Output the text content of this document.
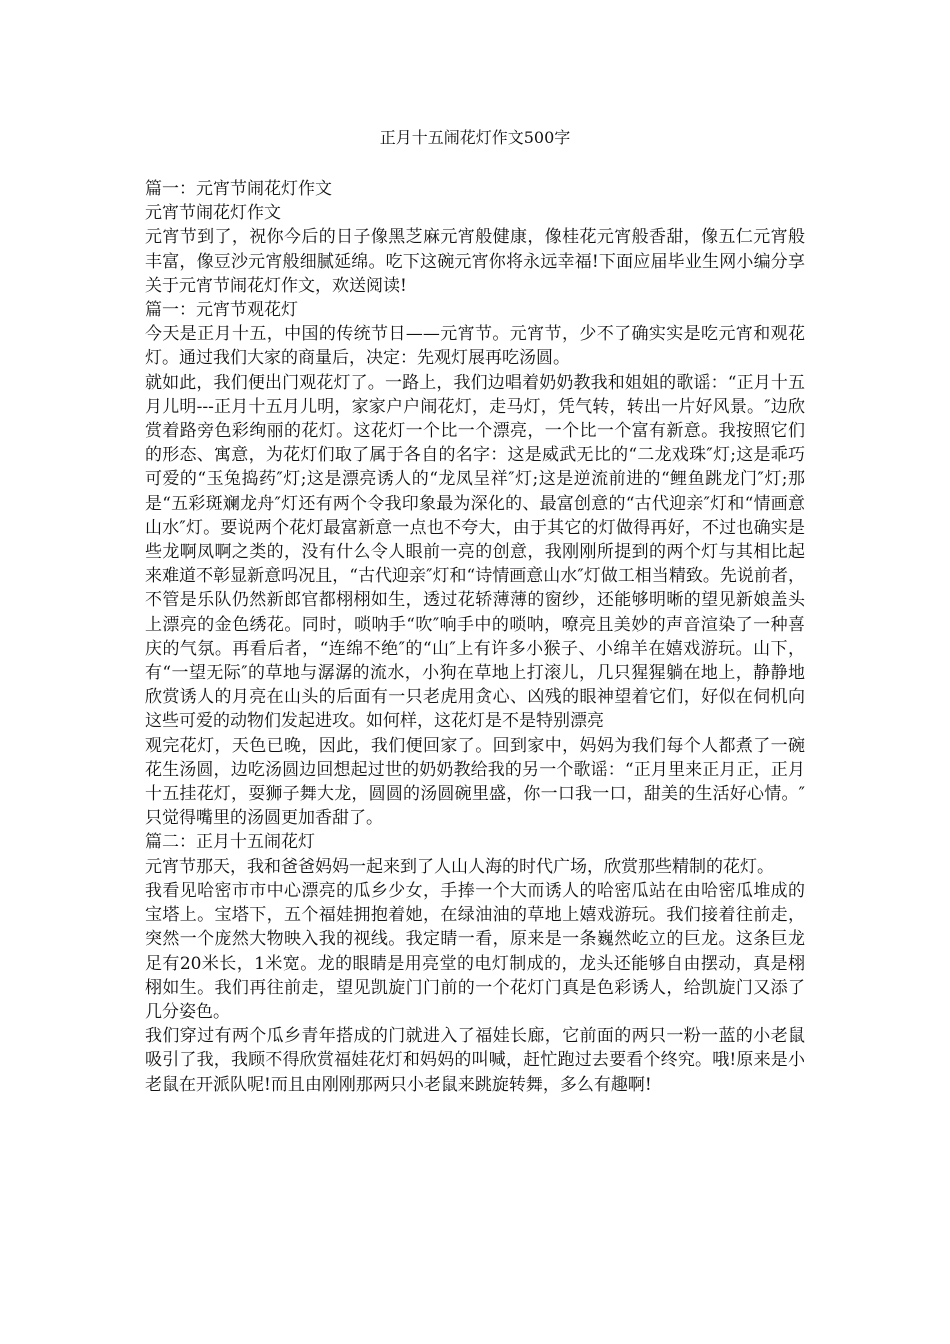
正月十五闹花灯作文500字

篇一：元宵节闹花灯作文

元宵节闹花灯作文

元宵节到了，祝你今后的日子像黑芝麻元宵般健康，像桂花元宵般香甜，像五仁元宵般丰富，像豆沙元宵般细腻延绵。吃下这碗元宵你将永远幸福!下面应届毕业生网小编分享关于元宵节闹花灯作文，欢送阅读!

篇一：元宵节观花灯

今天是正月十五，中国的传统节日——元宵节。元宵节，少不了确实实是吃元宵和观花灯。通过我们大家的商量后，决定：先观灯展再吃汤圆。

就如此，我们便出门观花灯了。一路上，我们边唱着奶奶教我和姐姐的歌谣：“正月十五月儿明---正月十五月儿明，家家户户闹花灯，走马灯，凭气转，转出一片好风景。″边欣赏着路旁色彩绚丽的花灯。这花灯一个比一个漂亮，一个比一个富有新意。我按照它们的形态、寓意，为花灯们取了属于各自的名字：这是威武无比的“二龙戏珠″灯;这是乖巧可爱的“玉兔捣药″灯;这是漂亮诱人的“龙凤呈祥″灯;这是逆流前进的“鲤鱼跳龙门″灯;那是“五彩斑斓龙舟″灯还有两个令我印象最为深化的、最富创意的“古代迎亲″灯和“情画意山水″灯。要说两个花灯最富新意一点也不夸大，由于其它的灯做得再好，不过也确实是些龙啊凤啊之类的，没有什么令人眼前一亮的创意，我刚刚所提到的两个灯与其相比起来难道不彰显新意吗况且，“古代迎亲″灯和“诗情画意山水″灯做工相当精致。先说前者，不管是乐队仍然新郎官都栩栩如生，透过花轿薄薄的窗纱，还能够明晰的望见新娘盖头上漂亮的金色绣花。同时，唢呐手“吹″响手中的唢呐，嘹亮且美妙的声音渲染了一种喜庆的气氛。再看后者，“连绵不绝″的“山″上有许多小猴子、小绵羊在嬉戏游玩。山下，有“一望无际″的草地与潺潺的流水，小狗在草地上打滚儿，几只猩猩躺在地上，静静地欣赏诱人的月亮在山头的后面有一只老虎用贪心、凶残的眼神望着它们，好似在伺机向这些可爱的动物们发起进攻。如何样，这花灯是不是特别漂亮

观完花灯，天色已晚，因此，我们便回家了。回到家中，妈妈为我们每个人都煮了一碗花生汤圆，边吃汤圆边回想起过世的奶奶教给我的另一个歌谣：“正月里来正月正，正月十五挂花灯，耍狮子舞大龙，圆圆的汤圆碗里盛，你一口我一口，甜美的生活好心情。″只觉得嘴里的汤圆更加香甜了。

篇二：正月十五闹花灯

元宵节那天，我和爸爸妈妈一起来到了人山人海的时代广场，欣赏那些精制的花灯。

我看见哈密市市中心漂亮的瓜乡少女，手捧一个大而诱人的哈密瓜站在由哈密瓜堆成的宝塔上。宝塔下，五个福娃拥抱着她，在绿油油的草地上嬉戏游玩。我们接着往前走，突然一个庞然大物映入我的视线。我定睛一看，原来是一条巍然屹立的巨龙。这条巨龙足有20米长，1米宽。龙的眼睛是用亮堂的电灯制成的，龙头还能够自由摆动，真是栩栩如生。我们再往前走，望见凯旋门门前的一个花灯门真是色彩诱人，给凯旋门又添了几分姿色。

我们穿过有两个瓜乡青年搭成的门就进入了福娃长廊，它前面的两只一粉一蓝的小老鼠吸引了我，我顾不得欣赏福娃花灯和妈妈的叫喊，赶忙跑过去要看个终究。哦!原来是小老鼠在开派队呢!而且由刚刚那两只小老鼠来跳旋转舞，多么有趣啊!
